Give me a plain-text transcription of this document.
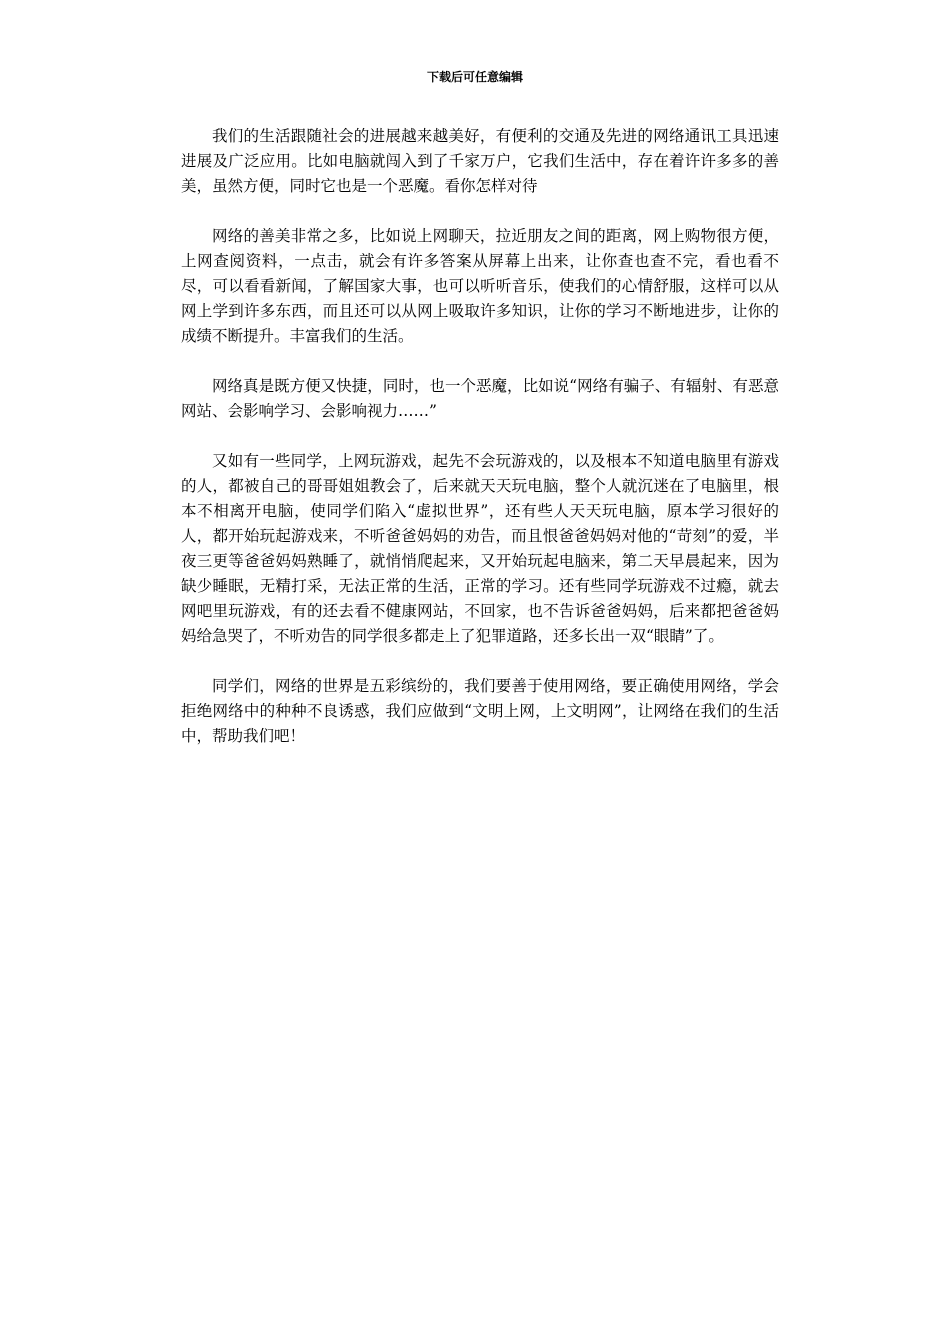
下载后可任意编辑

我们的生活跟随社会的进展越来越美好，有便利的交通及先进的网络通讯工具迅速进展及广泛应用。比如电脑就闯入到了千家万户，它我们生活中，存在着许许多多的善美，虽然方便，同时它也是一个恶魔。看你怎样对待

网络的善美非常之多，比如说上网聊天，拉近朋友之间的距离，网上购物很方便，上网查阅资料，一点击，就会有许多答案从屏幕上出来，让你查也查不完，看也看不尽，可以看看新闻，了解国家大事，也可以听听音乐，使我们的心情舒服，这样可以从网上学到许多东西，而且还可以从网上吸取许多知识，让你的学习不断地进步，让你的成绩不断提升。丰富我们的生活。

网络真是既方便又快捷，同时，也一个恶魔，比如说“网络有骗子、有辐射、有恶意网站、会影响学习、会影响视力……”

又如有一些同学，上网玩游戏，起先不会玩游戏的，以及根本不知道电脑里有游戏的人，都被自己的哥哥姐姐教会了，后来就天天玩电脑，整个人就沉迷在了电脑里，根本不相离开电脑，使同学们陷入“虚拟世界”，还有些人天天玩电脑，原本学习很好的人，都开始玩起游戏来，不听爸爸妈妈的劝告，而且恨爸爸妈妈对他的“苛刻”的爱，半夜三更等爸爸妈妈熟睡了，就悄悄爬起来，又开始玩起电脑来，第二天早晨起来，因为缺少睡眠，无精打采，无法正常的生活，正常的学习。还有些同学玩游戏不过瘾，就去网吧里玩游戏，有的还去看不健康网站，不回家，也不告诉爸爸妈妈，后来都把爸爸妈妈给急哭了，不听劝告的同学很多都走上了犯罪道路，还多长出一双“眼睛”了。

同学们，网络的世界是五彩缤纷的，我们要善于使用网络，要正确使用网络，学会拒绝网络中的种种不良诱惑，我们应做到“文明上网，上文明网”，让网络在我们的生活中，帮助我们吧！
